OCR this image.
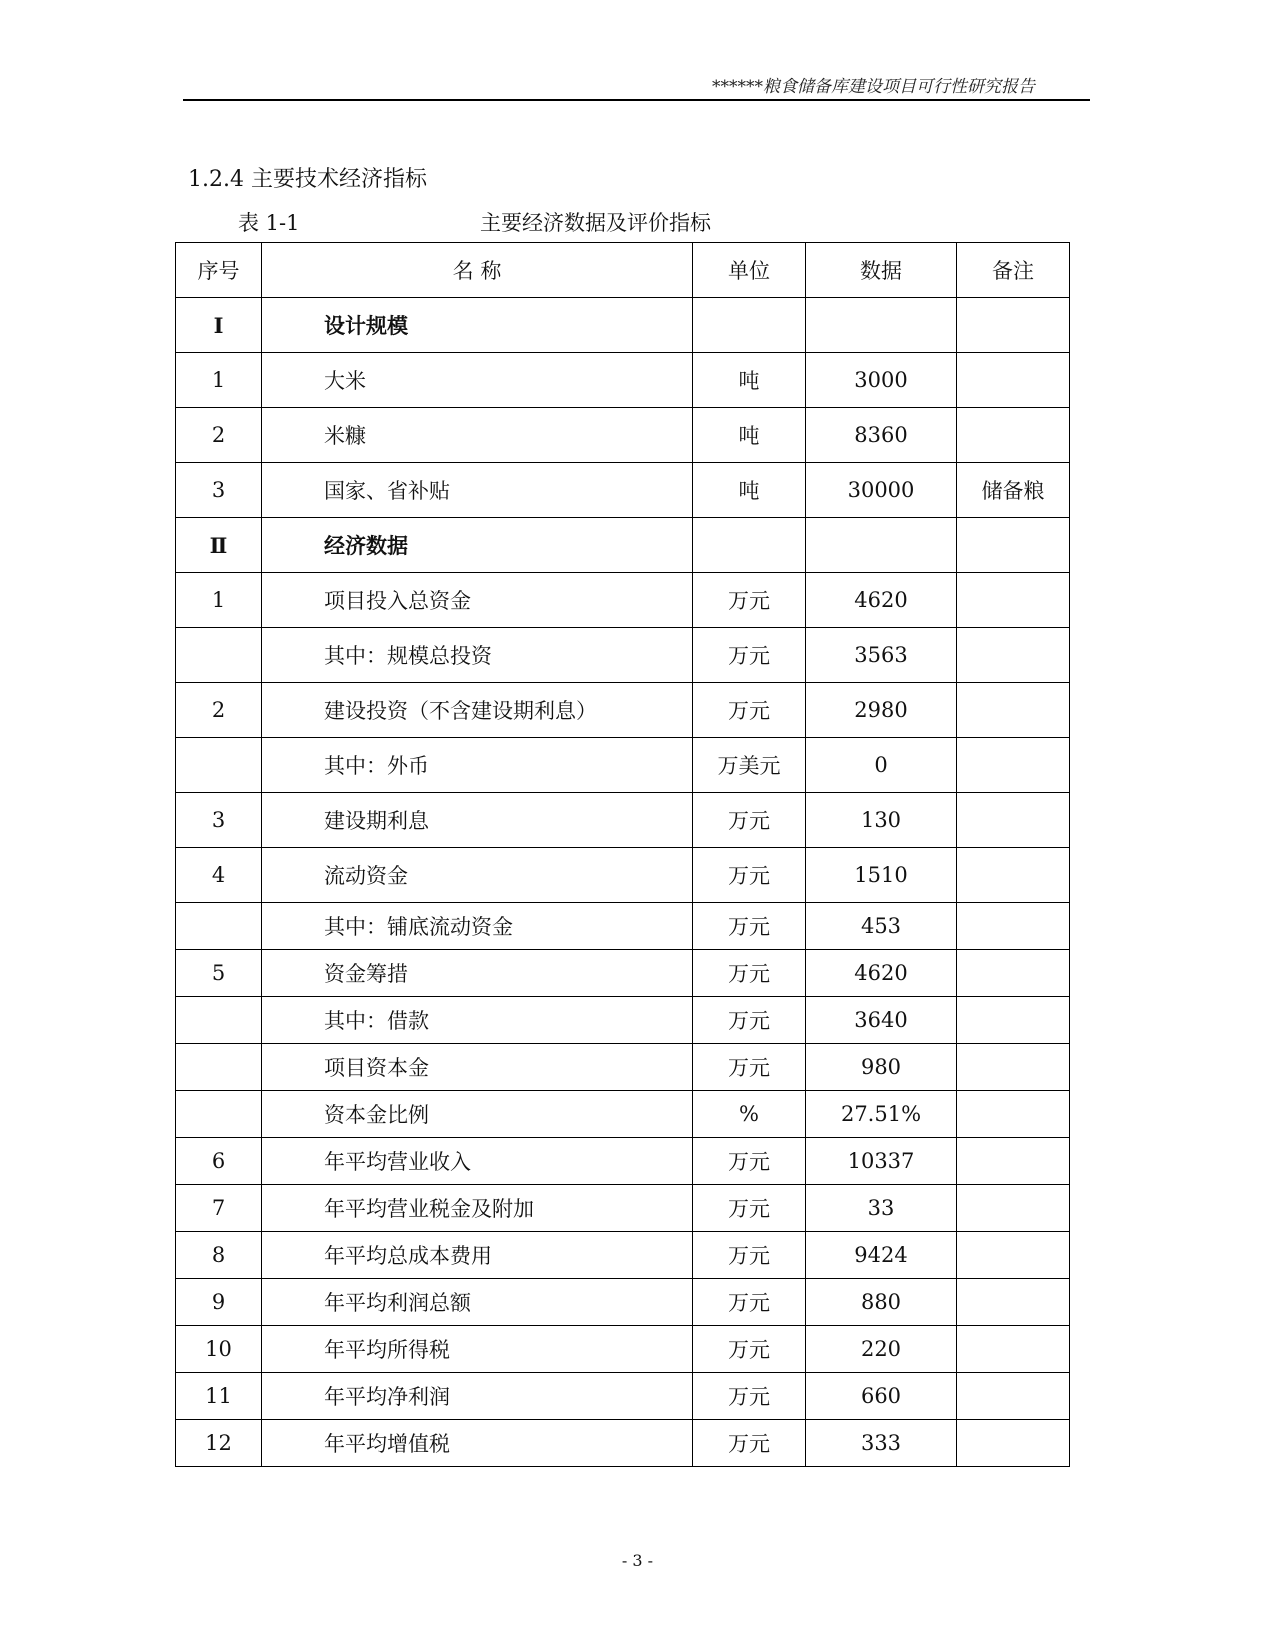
******粮食储备库建设项目可行性研究报告
1.2.4 主要技术经济指标
表 1-1	主要经济数据及评价指标
序号	名 称	单位	数据	备注
Ⅰ	设计规模			
1	大米	吨	3000	
2	米糠	吨	8360	
3	国家、省补贴	吨	30000	储备粮
Ⅱ	经济数据			
1	项目投入总资金	万元	4620	
	其中：规模总投资	万元	3563	
2	建设投资（不含建设期利息）	万元	2980	
	其中：外币	万美元	0	
3	建设期利息	万元	130	
4	流动资金	万元	1510	
	其中：铺底流动资金	万元	453	
5	资金筹措	万元	4620	
	其中：借款	万元	3640	
	项目资本金	万元	980	
	资本金比例	%	27.51%	
6	年平均营业收入	万元	10337	
7	年平均营业税金及附加	万元	33	
8	年平均总成本费用	万元	9424	
9	年平均利润总额	万元	880	
10	年平均所得税	万元	220	
11	年平均净利润	万元	660	
12	年平均增值税	万元	333	
- 3 -
